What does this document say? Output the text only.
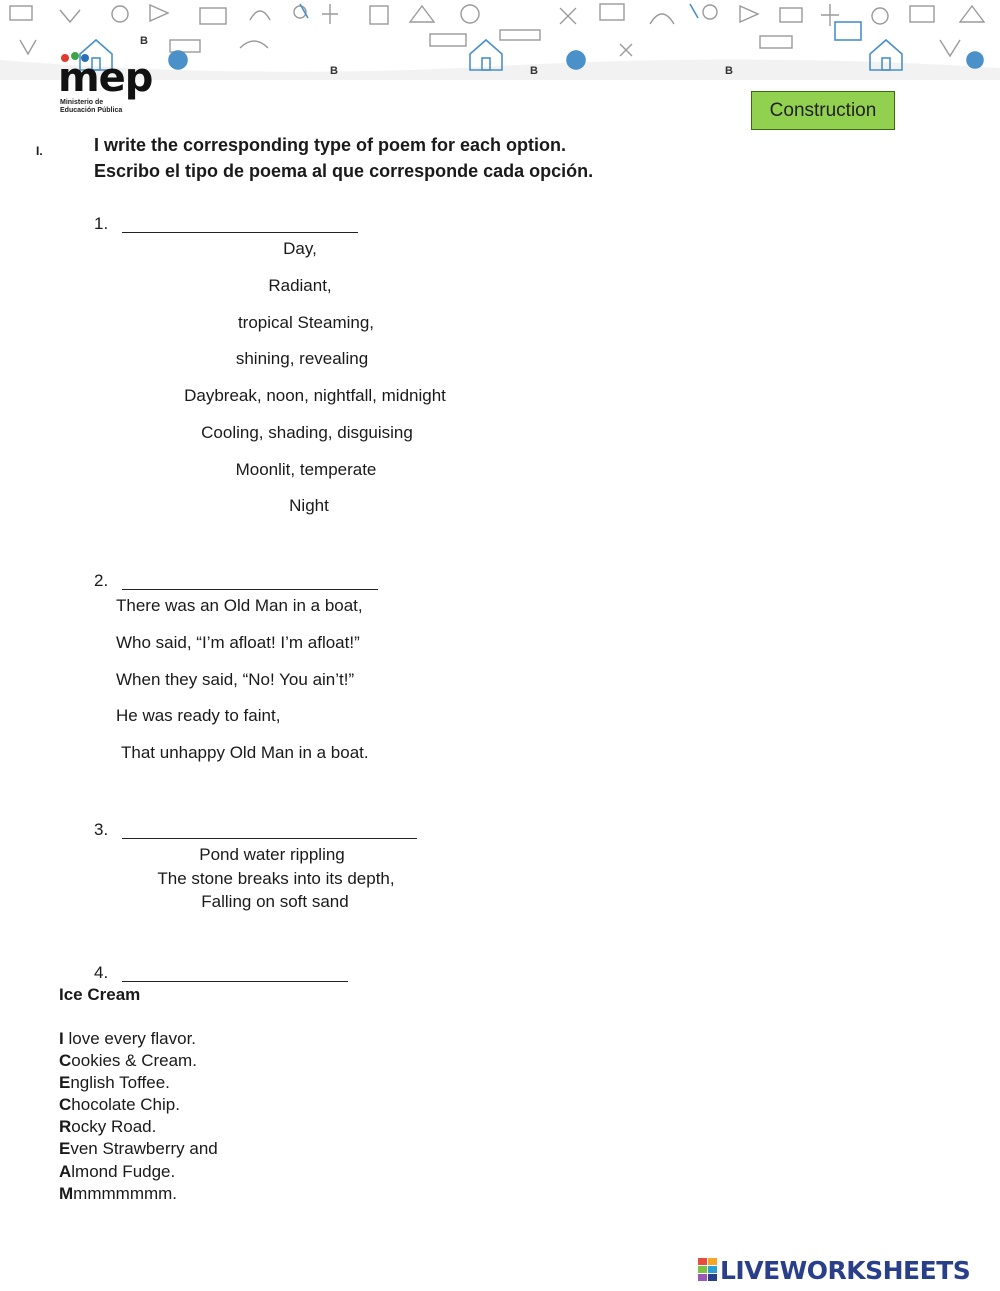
B
B	B	B
mep
Ministerio de
Educación Pública	Construction
I.	I write the corresponding type of poem for each option.
Escribo el tipo de poema al que corresponde cada opción.
1.
Day,
Radiant,
tropical Steaming,
shining, revealing
Daybreak, noon, nightfall, midnight
Cooling, shading, disguising
Moonlit, temperate
Night
2.
There was an Old Man in a boat,
Who said, “I’m afloat! I’m afloat!”
When they said, “No! You ain’t!”
He was ready to faint,
That unhappy Old Man in a boat.
3.
Pond water rippling
The stone breaks into its depth,
Falling on soft sand
4.
Ice Cream
I love every flavor.
Cookies & Cream.
English Toffee.
Chocolate Chip.
Rocky Road.
Even Strawberry and
Almond Fudge.
Mmmmmmmm.
LIVEWORKSHEETS
